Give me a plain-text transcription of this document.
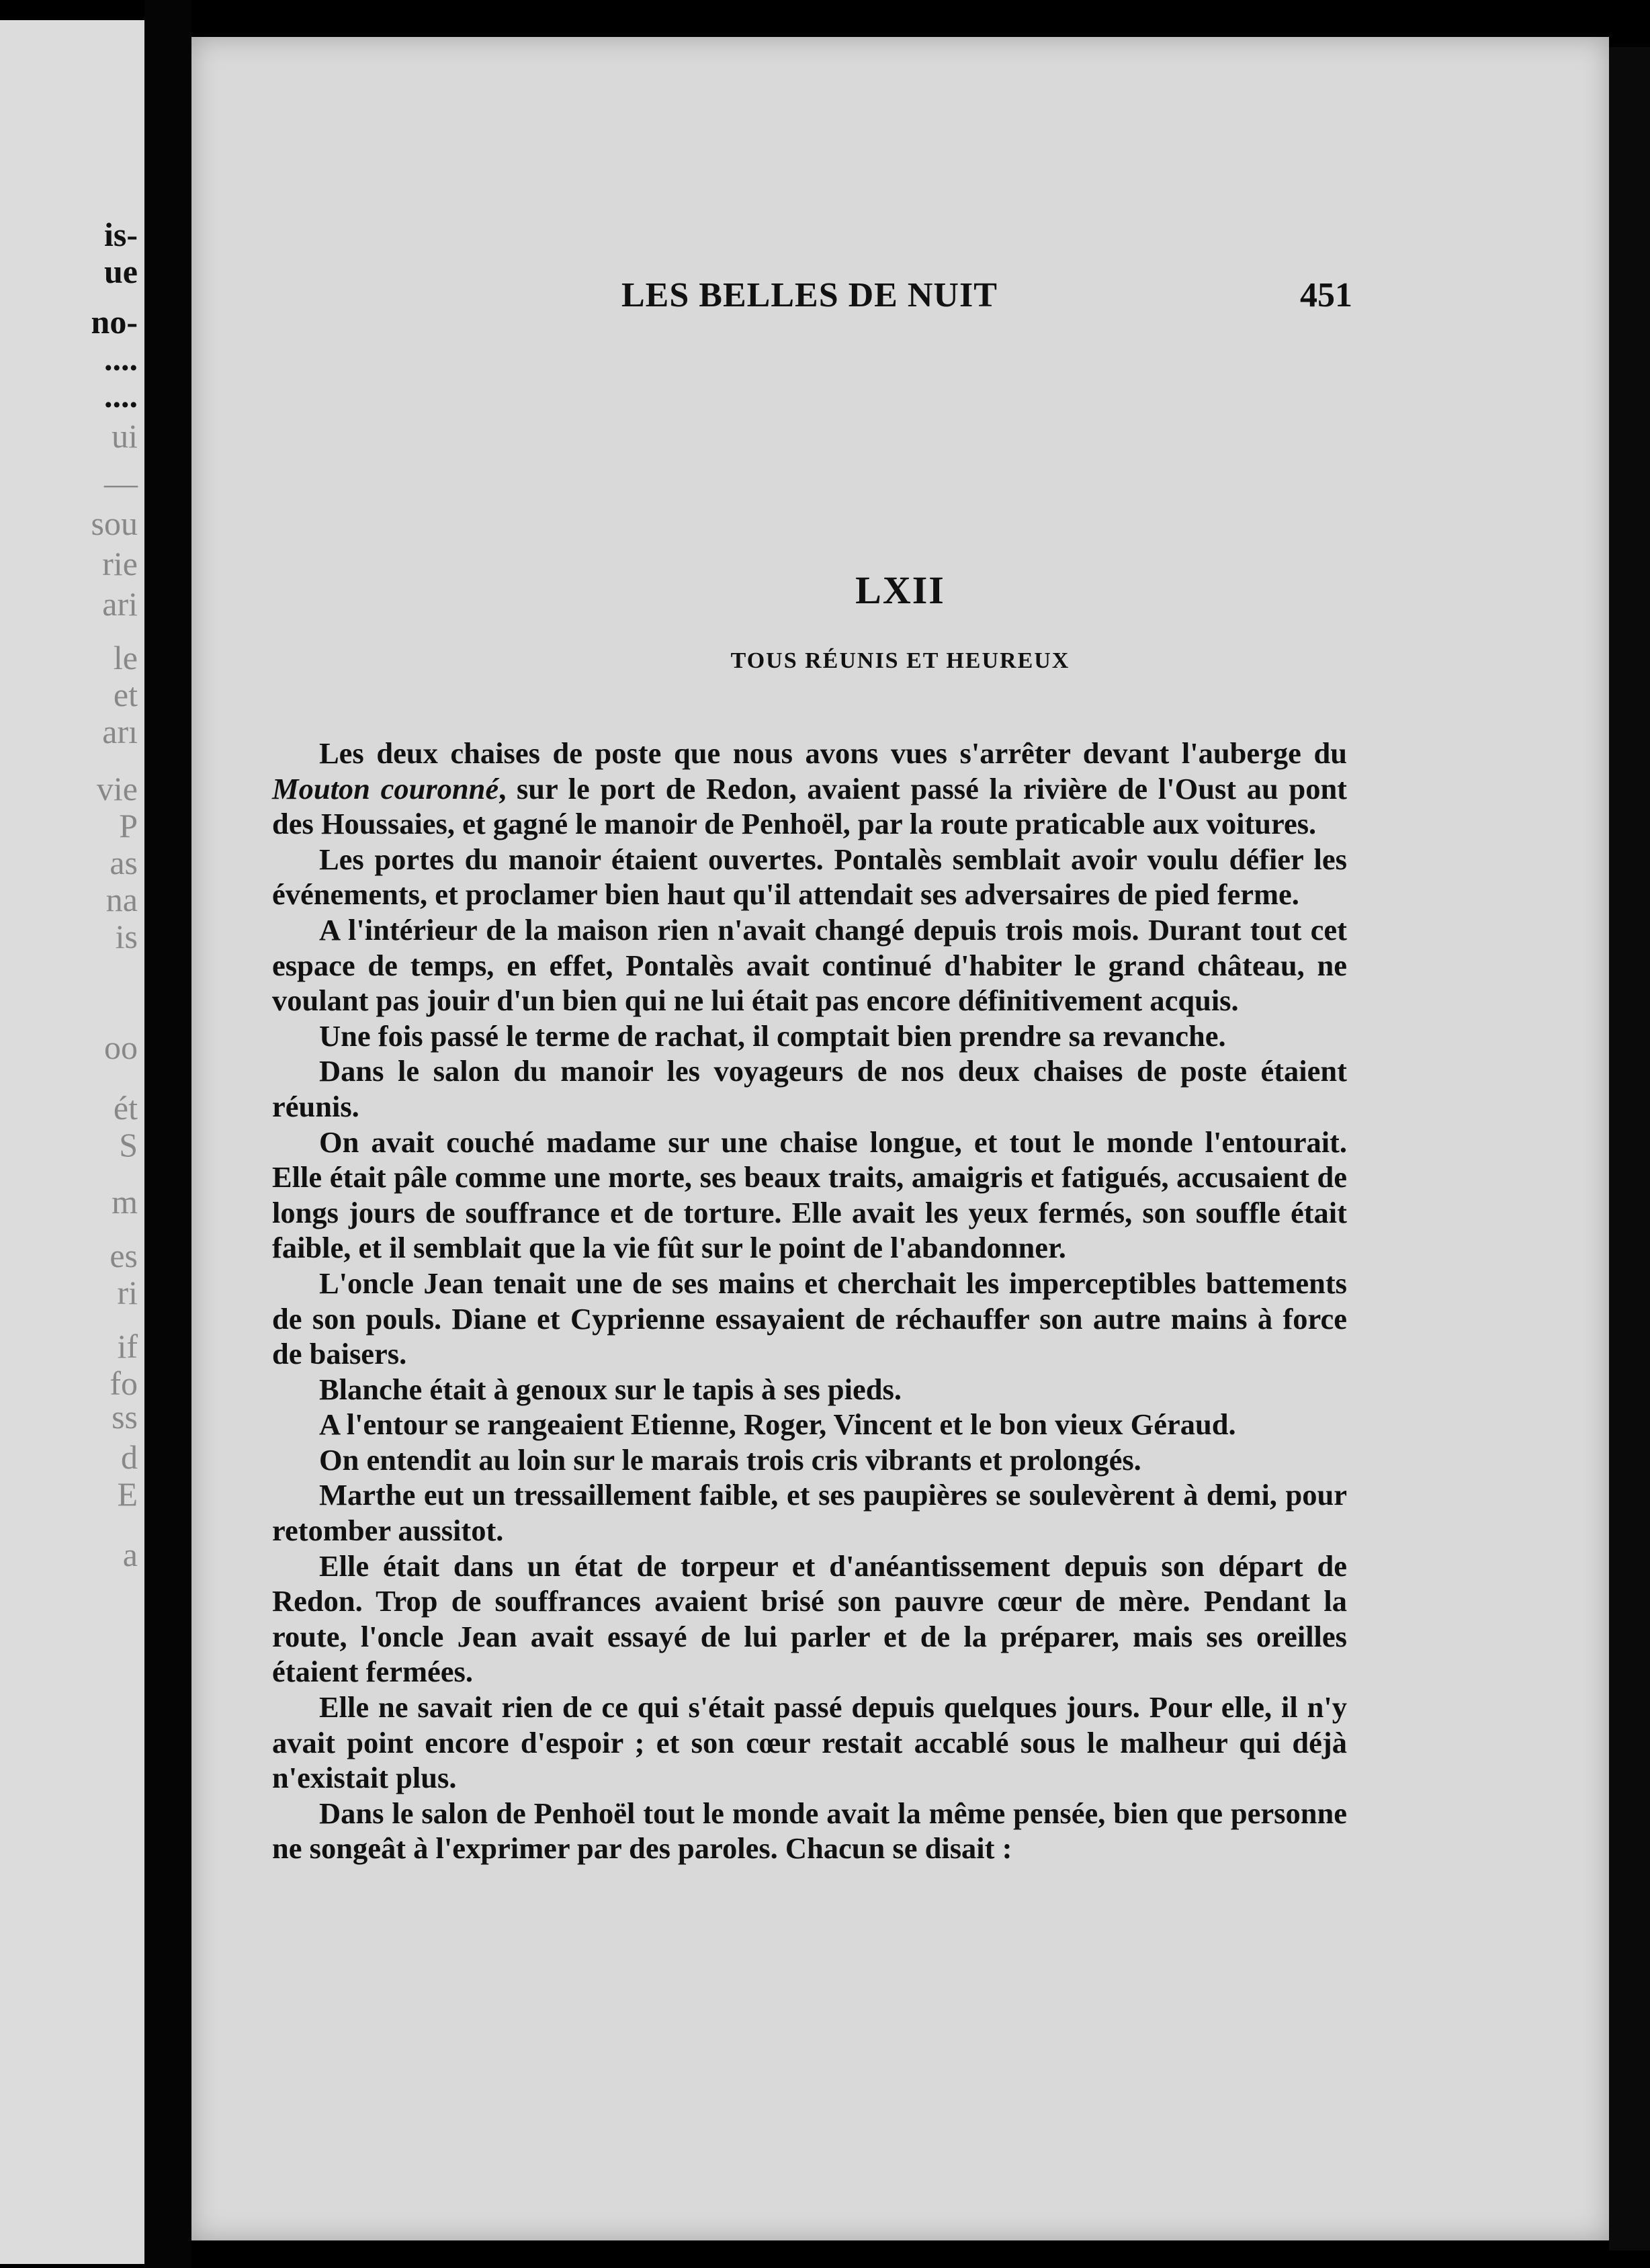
is-
ue
no-
....
....
ui
—
sou
rie
ari
le
et
arı
vie
P
as
na
is
oo
ét
S
m
es
ri
if
fo
ss
d
E
a
LES BELLES DE NUIT	451
LXII
TOUS RÉUNIS ET HEUREUX

Les deux chaises de poste que nous avons vues s'arrêter devant l'auberge du Mouton couronné, sur le port de Redon, avaient passé la rivière de l'Oust au pont des Houssaies, et gagné le manoir de Penhoël, par la route praticable aux voitures.

Les portes du manoir étaient ouvertes. Pontalès semblait avoir voulu défier les événements, et proclamer bien haut qu'il attendait ses adversaires de pied ferme.

A l'intérieur de la maison rien n'avait changé depuis trois mois. Durant tout cet espace de temps, en effet, Pontalès avait continué d'habiter le grand château, ne voulant pas jouir d'un bien qui ne lui était pas encore définitivement acquis.

Une fois passé le terme de rachat, il comptait bien prendre sa revanche.

Dans le salon du manoir les voyageurs de nos deux chaises de poste étaient réunis.

On avait couché madame sur une chaise longue, et tout le monde l'entourait. Elle était pâle comme une morte, ses beaux traits, amaigris et fatigués, accusaient de longs jours de souffrance et de torture. Elle avait les yeux fermés, son souffle était faible, et il semblait que la vie fût sur le point de l'abandonner.

L'oncle Jean tenait une de ses mains et cherchait les imperceptibles battements de son pouls. Diane et Cyprienne essayaient de réchauffer son autre mains à force de baisers.

Blanche était à genoux sur le tapis à ses pieds.

A l'entour se rangeaient Etienne, Roger, Vincent et le bon vieux Géraud.

On entendit au loin sur le marais trois cris vibrants et prolongés.

Marthe eut un tressaillement faible, et ses paupières se soulevèrent à demi, pour retomber aussitot.

Elle était dans un état de torpeur et d'anéantissement depuis son départ de Redon. Trop de souffrances avaient brisé son pauvre cœur de mère. Pendant la route, l'oncle Jean avait essayé de lui parler et de la préparer, mais ses oreilles étaient fermées.

Elle ne savait rien de ce qui s'était passé depuis quelques jours. Pour elle, il n'y avait point encore d'espoir ; et son cœur restait accablé sous le malheur qui déjà n'existait plus.

Dans le salon de Penhoël tout le monde avait la même pensée, bien que personne ne songeât à l'exprimer par des paroles. Chacun se disait :
